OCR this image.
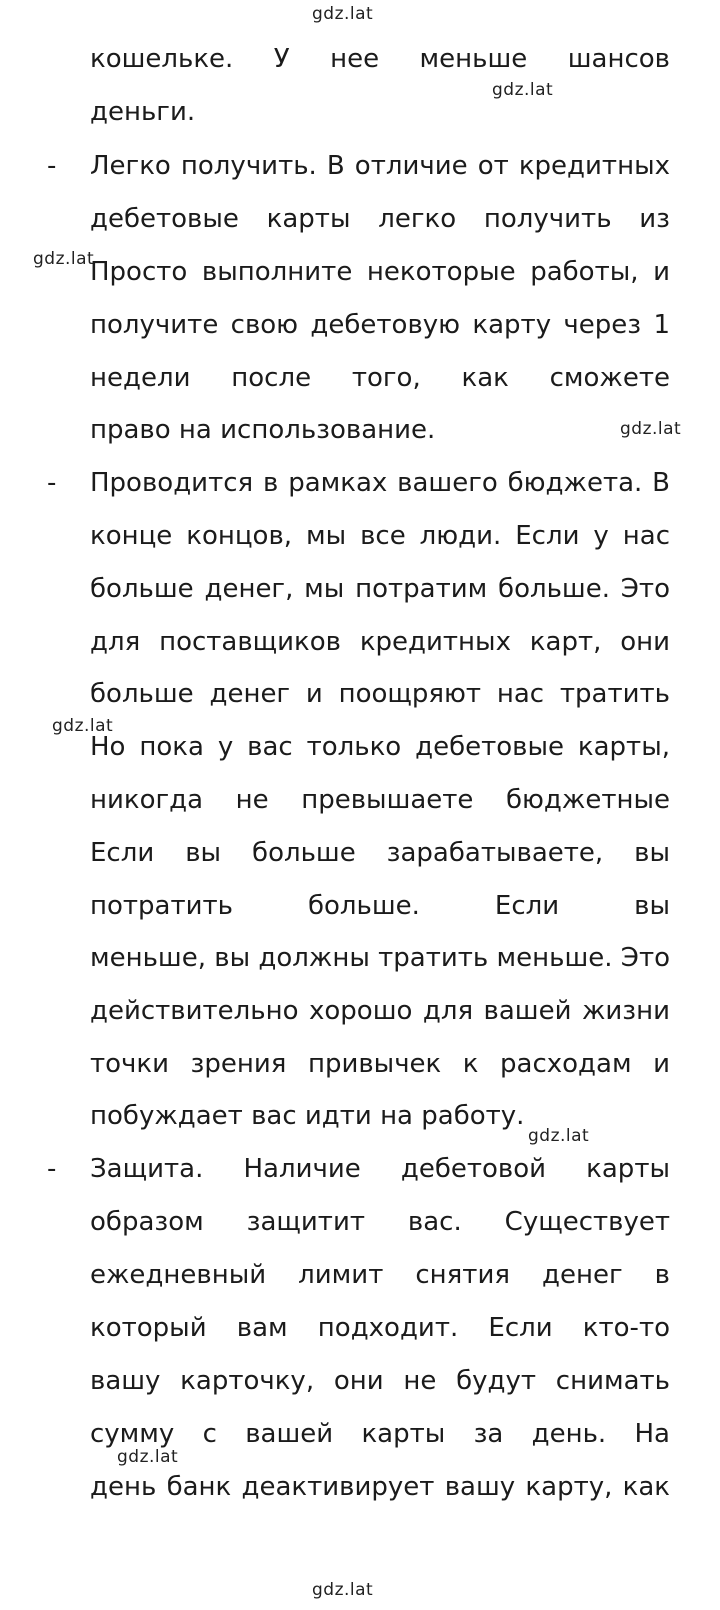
gdz.lat
gdz.lat
gdz.lat
gdz.lat
gdz.lat
gdz.lat
gdz.lat
gdz.lat
-
-
-
кошельке. У нее меньше шансов
деньги.
Легко получить. В отличие от кредитных
дебетовые карты легко получить из
Просто выполните некоторые работы, и
получите свою дебетовую карту через 1
недели после того, как сможете
право на использование.
Проводится в рамках вашего бюджета. В
конце концов, мы все люди. Если у нас
больше денег, мы потратим больше. Это
для поставщиков кредитных карт, они
больше денег и поощряют нас тратить
Но пока у вас только дебетовые карты,
никогда не превышаете бюджетные
Если вы больше зарабатываете, вы
потратить больше. Если вы
меньше, вы должны тратить меньше. Это
действительно хорошо для вашей жизни
точки зрения привычек к расходам и
побуждает вас идти на работу.
Защита. Наличие дебетовой карты
образом защитит вас. Существует
ежедневный лимит снятия денег в
который вам подходит. Если кто-то
вашу карточку, они не будут снимать
сумму с вашей карты за день. На
день банк деактивирует вашу карту, как
